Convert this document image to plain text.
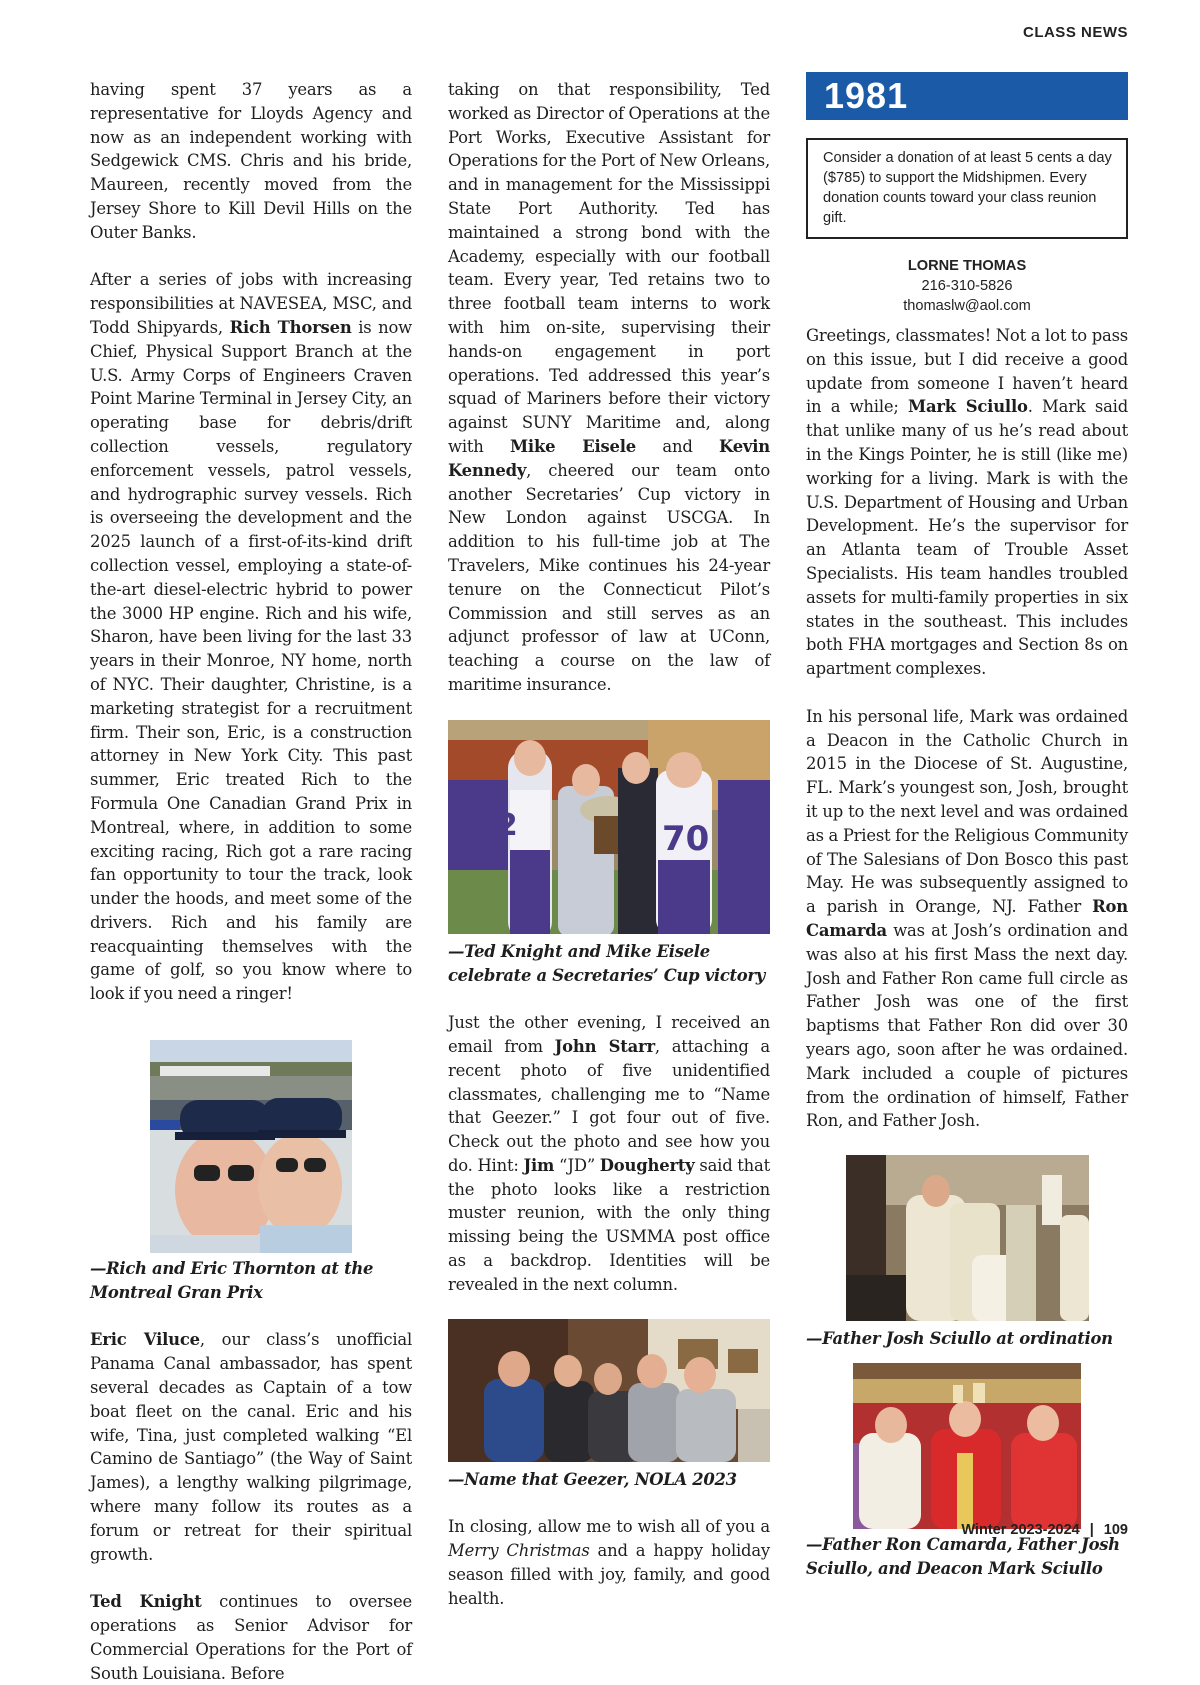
CLASS NEWS

having spent 37 years as a representative for Lloyds Agency and now as an independent working with Sedgewick CMS. Chris and his bride, Maureen, recently moved from the Jersey Shore to Kill Devil Hills on the Outer Banks.

After a series of jobs with increasing responsibilities at NAVESEA, MSC, and Todd Shipyards, Rich Thorsen is now Chief, Physical Support Branch at the U.S. Army Corps of Engineers Craven Point Marine Terminal in Jersey City, an operating base for debris/drift collection vessels, regulatory enforcement vessels, patrol vessels, and hydrographic survey vessels. Rich is overseeing the development and the 2025 launch of a first-of-its-kind drift collection vessel, employing a state-of-the-art diesel-electric hybrid to power the 3000 HP engine. Rich and his wife, Sharon, have been living for the last 33 years in their Monroe, NY home, north of NYC. Their daughter, Christine, is a marketing strategist for a recruitment firm. Their son, Eric, is a construction attorney in New York City. This past summer, Eric treated Rich to the Formula One Canadian Grand Prix in Montreal, where, in addition to some exciting racing, Rich got a rare racing fan opportunity to tour the track, look under the hoods, and meet some of the drivers. Rich and his family are reacquainting themselves with the game of golf, so you know where to look if you need a ringer!

—Rich and Eric Thornton at the Montreal Gran Prix

Eric Viluce, our class’s unofficial Panama Canal ambassador, has spent several decades as Captain of a tow boat fleet on the canal. Eric and his wife, Tina, just completed walking “El Camino de Santiago” (the Way of Saint James), a lengthy walking pilgrimage, where many follow its routes as a forum or retreat for their spiritual growth.

Ted Knight continues to oversee operations as Senior Advisor for Commercial Operations for the Port of South Louisiana. Before

taking on that responsibility, Ted worked as Director of Operations at the Port Works, Executive Assistant for Operations for the Port of New Orleans, and in management for the Mississippi State Port Authority. Ted has maintained a strong bond with the Academy, especially with our football team. Every year, Ted retains two to three football team interns to work with him on-site, supervising their hands-on engagement in port operations. Ted addressed this year’s squad of Mariners before their victory against SUNY Maritime and, along with Mike Eisele and Kevin Kennedy, cheered our team onto another Secretaries’ Cup victory in New London against USCGA. In addition to his full-time job at The Travelers, Mike continues his 24-year tenure on the Connecticut Pilot’s Commission and still serves as an adjunct professor of law at UConn, teaching a course on the law of maritime insurance.

82	70

—Ted Knight and Mike Eisele celebrate a Secretaries’ Cup victory

Just the other evening, I received an email from John Starr, attaching a recent photo of five unidentified classmates, challenging me to “Name that Geezer.” I got four out of five. Check out the photo and see how you do. Hint: Jim “JD” Dougherty said that the photo looks like a restriction muster reunion, with the only thing missing being the USMMA post office as a backdrop. Identities will be revealed in the next column.

—Name that Geezer, NOLA 2023

In closing, allow me to wish all of you a Merry Christmas and a happy holiday season filled with joy, family, and good health.

1981
Consider a donation of at least 5 cents a day ($785) to support the Midshipmen. Every donation counts toward your class reunion gift.
LORNE THOMAS
216-310-5826
thomaslw@aol.com

Greetings, classmates! Not a lot to pass on this issue, but I did receive a good update from someone I haven’t heard in a while; Mark Sciullo. Mark said that unlike many of us he’s read about in the Kings Pointer, he is still (like me) working for a living. Mark is with the U.S. Department of Housing and Urban Development. He’s the supervisor for an Atlanta team of Trouble Asset Specialists. His team handles troubled assets for multi-family properties in six states in the southeast. This includes both FHA mortgages and Section 8s on apartment complexes.

In his personal life, Mark was ordained a Deacon in the Catholic Church in 2015 in the Diocese of St. Augustine, FL. Mark’s youngest son, Josh, brought it up to the next level and was ordained as a Priest for the Religious Community of The Salesians of Don Bosco this past May. He was subsequently assigned to a parish in Orange, NJ. Father Ron Camarda was at Josh’s ordination and was also at his first Mass the next day. Josh and Father Ron came full circle as Father Josh was one of the first baptisms that Father Ron did over 30 years ago, soon after he was ordained. Mark included a couple of pictures from the ordination of himself, Father Ron, and Father Josh.

—Father Josh Sciullo at ordination

—Father Ron Camarda, Father Josh Sciullo, and Deacon Mark Sciullo

Winter 2023-2024 | 109
